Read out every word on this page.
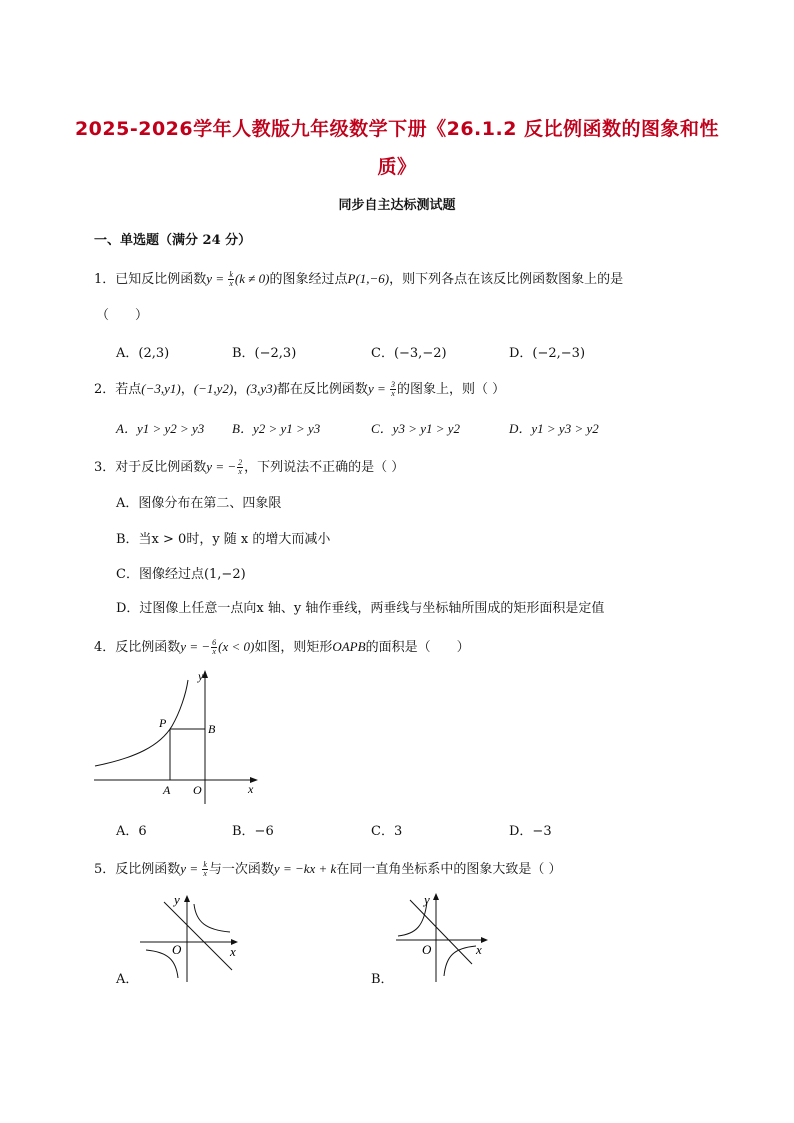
2025-2026学年人教版九年级数学下册《26.1.2 反比例函数的图象和性
质》
同步自主达标测试题
一、单选题（满分 24 分）
1．已知反比例函数$y = \frac{k}{x} (k \ne 0)$的图象经过点P(1,−6)，则下列各点在该反比例函数图象上的是
（　　）
A．(2,3)	B．(−2,3)	C．(−3,−2)	D．(−2,−3)
2．若点(−3,y1)，(−1,y2)，(3,y3)都在反比例函数$y = \frac{3}{x}$ 的图象上，则（ ）
A．y1 > y2 > y3 B．y2 > y1 > y3	C．y3 > y1 > y2	D．y1 > y3 > y2
3．对于反比例函数y = − $\frac{2}{x}$ ，下列说法不正确的是（ ）
A．图像分布在第二、四象限
B．当x > 0时，y 随 x 的增大而减小
C．图像经过点(1,−2)
D．过图像上任意一点向x 轴、y 轴作垂线，两垂线与坐标轴所围成的矩形面积是定值
4．反比例函数y = − $\frac{6}{x} (x < 0)$如图，则矩形OAPB的面积是（　　）
y
x
P	B
A O
A．6	B．−6	C．3	D．−3
5．反比例函数$y = \frac{k}{x}$ 与一次函数y = −kx + k在同一直角坐标系中的图象大致是（ ）
A．
y
x
O
B．
y
x
O
